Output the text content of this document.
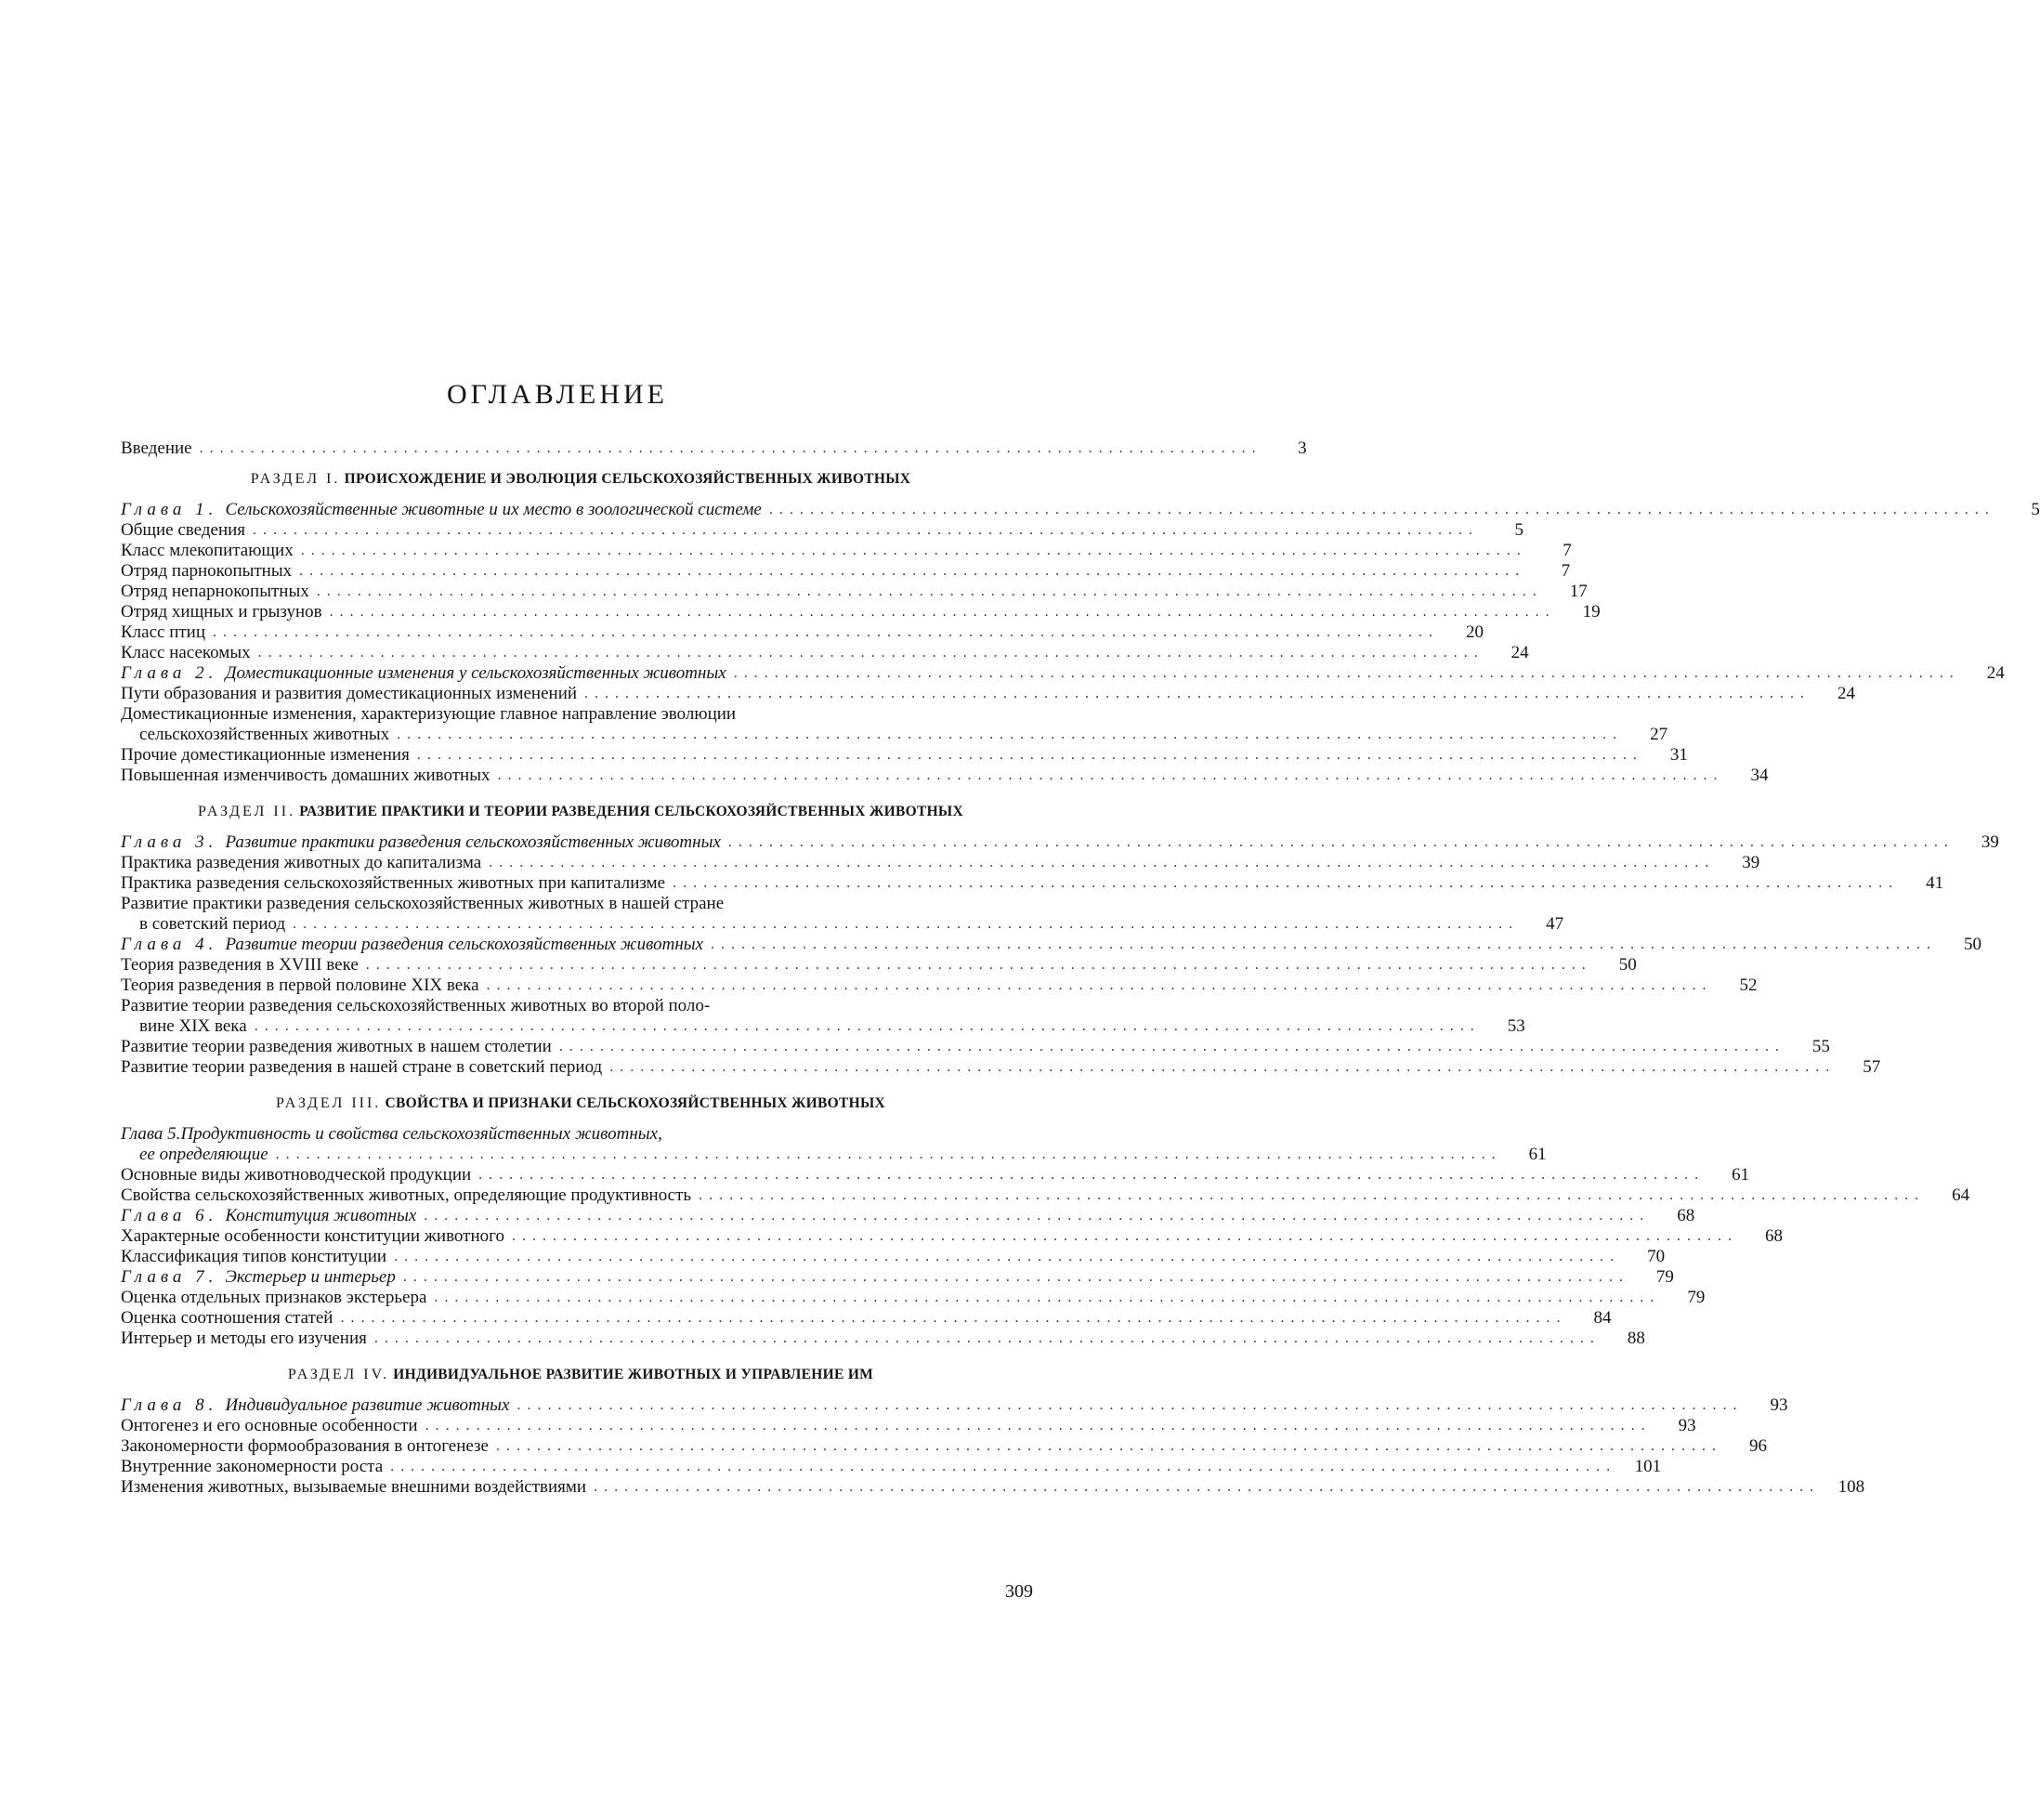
ОГЛАВЛЕНИЕ
Введение ........................................................................................................	3
РАЗДЕЛ I. ПРОИСХОЖДЕНИЕ И ЭВОЛЮЦИЯ СЕЛЬСКОХОЗЯЙСТВЕННЫХ ЖИВОТНЫХ
Глава 1. Сельскохозяйственные животные и их место в зоологической системе ........................................................................................................................	5
Общие сведения ........................................................................................................................	5
Класс млекопитающих ........................................................................................................................	7
Отряд парнокопытных ........................................................................................................................	7
Отряд непарнокопытных ........................................................................................................................	17
Отряд хищных и грызунов ........................................................................................................................	19
Класс птиц ........................................................................................................................	20
Класс насекомых ........................................................................................................................	24
Глава 2. Доместикационные изменения у сельскохозяйственных животных ........................................................................................................................	24
Пути образования и развития доместикационных изменений ........................................................................................................................	24
Доместикационные изменения, характеризующие главное направление эволюции
сельскохозяйственных животных ........................................................................................................................	27
Прочие доместикационные изменения ........................................................................................................................	31
Повышенная изменчивость домашних животных ........................................................................................................................	34
РАЗДЕЛ II. РАЗВИТИЕ ПРАКТИКИ И ТЕОРИИ РАЗВЕДЕНИЯ СЕЛЬСКОХОЗЯЙСТВЕННЫХ ЖИВОТНЫХ
Глава 3. Развитие практики разведения сельскохозяйственных животных ........................................................................................................................	39
Практика разведения животных до капитализма ........................................................................................................................	39
Практика разведения сельскохозяйственных животных при капитализме ........................................................................................................................	41
Развитие практики разведения сельскохозяйственных животных в нашей стране
в советский период ........................................................................................................................	47
Глава 4. Развитие теории разведения сельскохозяйственных животных ........................................................................................................................	50
Теория разведения в XVIII веке ........................................................................................................................	50
Теория разведения в первой половине XIX века ........................................................................................................................	52
Развитие теории разведения сельскохозяйственных животных во второй поло-
вине XIX века ........................................................................................................................	53
Развитие теории разведения животных в нашем столетии ........................................................................................................................	55
Развитие теории разведения в нашей стране в советский период ........................................................................................................................	57
РАЗДЕЛ III. СВОЙСТВА И ПРИЗНАКИ СЕЛЬСКОХОЗЯЙСТВЕННЫХ ЖИВОТНЫХ
Глава 5.Продуктивность и свойства сельскохозяйственных животных,
ее определяющие ........................................................................................................................	61
Основные виды животноводческой продукции ........................................................................................................................	61
Свойства сельскохозяйственных животных, определяющие продуктивность ........................................................................................................................	64
Глава 6. Конституция животных ........................................................................................................................	68
Характерные особенности конституции животного ........................................................................................................................	68
Классификация типов конституции ........................................................................................................................	70
Глава 7. Экстерьер и интерьер ........................................................................................................................	79
Оценка отдельных признаков экстерьера ........................................................................................................................	79
Оценка соотношения статей ........................................................................................................................	84
Интерьер и методы его изучения ........................................................................................................................	88
РАЗДЕЛ IV. ИНДИВИДУАЛЬНОЕ РАЗВИТИЕ ЖИВОТНЫХ И УПРАВЛЕНИЕ ИМ
Глава 8. Индивидуальное развитие животных ........................................................................................................................	93
Онтогенез и его основные особенности ........................................................................................................................	93
Закономерности формообразования в онтогенезе ........................................................................................................................	96
Внутренние закономерности роста ........................................................................................................................	101
Изменения животных, вызываемые внешними воздействиями ........................................................................................................................	108
309
